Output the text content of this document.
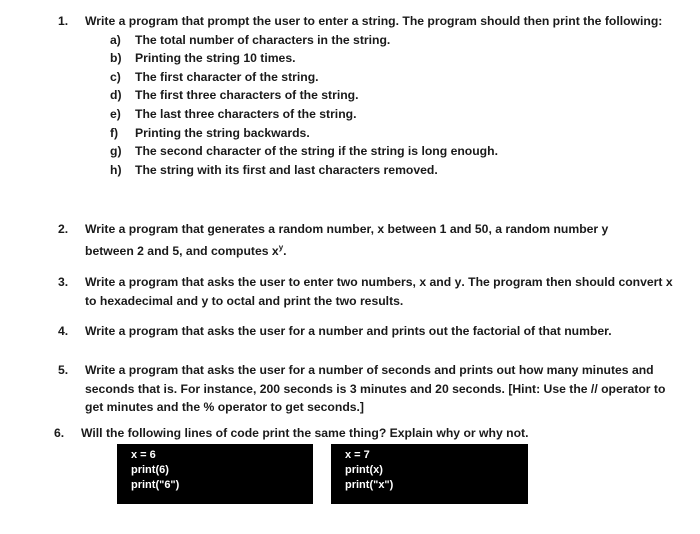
1.	Write a program that prompt the user to enter a string. The program should then print the following:
a)	The total number of characters in the string.
b)	Printing the string 10 times.
c)	The first character of the string.
d)	The first three characters of the string.
e)	The last three characters of the string.
f)	Printing the string backwards.
g)	The second character of the string if the string is long enough.
h)	The string with its first and last characters removed.
2.	Write a program that generates a random number, x between 1 and 50, a random number y
between 2 and 5, and computes $x^y$.
3.	Write a program that asks the user to enter two numbers, x and y. The program then should convert x to hexadecimal and y to octal and print the two results.
4.	Write a program that asks the user for a number and prints out the factorial of that number.
5.	Write a program that asks the user for a number of seconds and prints out how many minutes and seconds that is. For instance, 200 seconds is 3 minutes and 20 seconds. [Hint: Use the // operator to get minutes and the % operator to get seconds.]
6.	Will the following lines of code print the same thing? Explain why or why not.
x = 6
print(6)
print("6")
x = 7
print(x)
print("x")
